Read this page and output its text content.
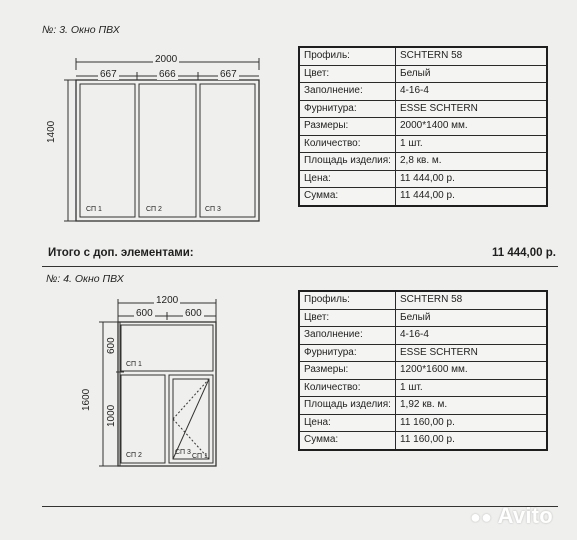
№: 3. Окно ПВХ
2000
667	666	667
1400
СП 1	СП 2	СП 3
Профиль:	SCHTERN 58
Цвет:	Белый
Заполнение:	4-16-4
Фурнитура:	ESSE SCHTERN
Размеры:	2000*1400 мм.
Количество:	1 шт.
Площадь изделия:	2,8 кв. м.
Цена:	11 444,00 р.
Сумма:	11 444,00 р.
Итого с доп. элементами:	11 444,00 р.
№: 4. Окно ПВХ
1200
600	600
1600
600
1000
СП 1
СП 2	СП 3
СП 1
Профиль:	SCHTERN 58
Цвет:	Белый
Заполнение:	4-16-4
Фурнитура:	ESSE SCHTERN
Размеры:	1200*1600 мм.
Количество:	1 шт.
Площадь изделия:	1,92 кв. м.
Цена:	11 160,00 р.
Сумма:	11 160,00 р.
●● Avito
